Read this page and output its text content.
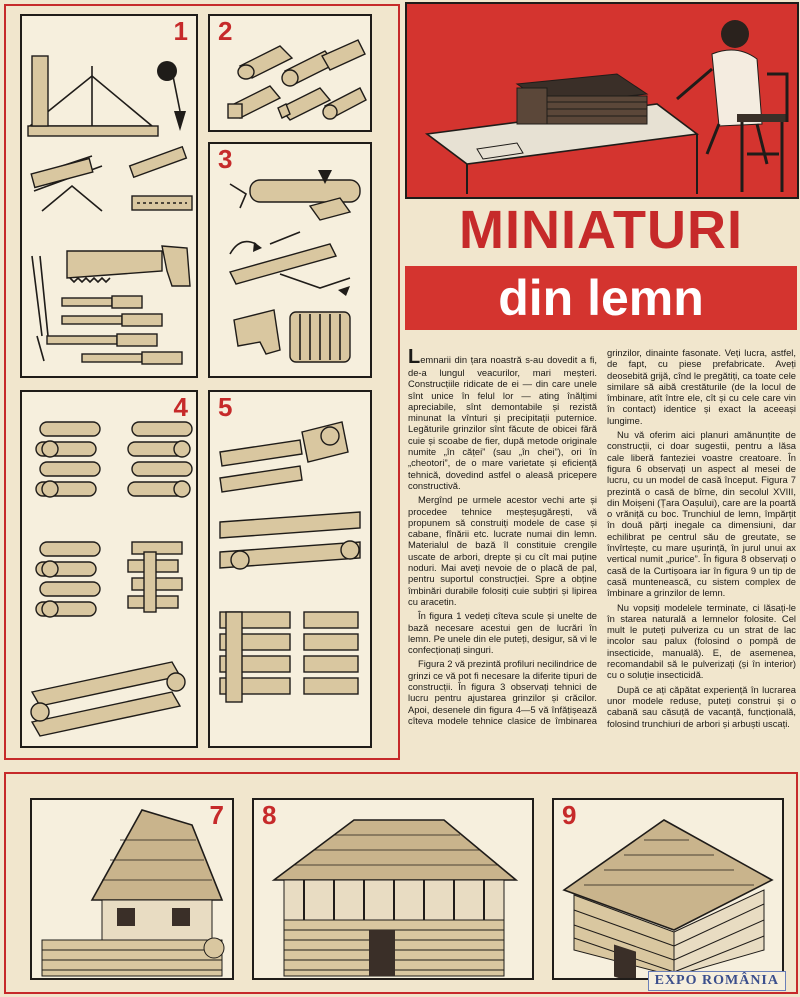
1 2
3
4 5
MINIATURI
din lemn

Lemnarii din țara noastră s-au dovedit a fi, de-a lungul veacurilor, mari meșteri. Construcțiile ridicate de ei — din care unele sînt unice în felul lor — ating înălțimi apreciabile, sînt demontabile și rezistă minunat la vînturi și precipitații puternice. Legăturile grinzilor sînt făcute de obicei fără cuie și scoabe de fier, după metode originale numite „în căței” (sau „în chei”), ori în „cheotori”, de o mare varietate și eficiență tehnică, dovedind astfel o aleasă pricepere constructivă.

Mergînd pe urmele acestor vechi arte și procedee tehnice meșteșugărești, vă propunem să construiți modele de case și cabane, fînării etc. lucrate numai din lemn. Materialul de bază îl constituie crengile uscate de arbori, drepte și cu cît mai puține noduri. Mai aveți nevoie de o placă de pal, pentru suportul construcției. Spre a obține îmbinări durabile folosiți cuie subțiri și lipirea cu aracetin.

În figura 1 vedeți cîteva scule și unelte de bază necesare acestui gen de lucrări în lemn. Pe unele din ele puteți, desigur, să vi le confecționați singuri.

Figura 2 vă prezintă profiluri necilindrice de grinzi ce vă pot fi necesare la diferite tipuri de construcții. În figura 3 observați tehnici de lucru pentru ajustarea grinzilor și crăcilor. Apoi, desenele din figura 4—5 vă înfățișează cîteva modele tehnice clasice de îmbinarea grinzilor, dinainte fasonate. Veți lucra, astfel, de fapt, cu piese prefabricate. Aveți deosebită grijă, cînd le pregătiți, ca toate cele similare să aibă crestăturile (de la locul de îmbinare, atît între ele, cît și cu cele care vin în contact) identice și exact la aceeași lungime.

Nu vă oferim aici planuri amănunțite de construcții, ci doar sugestii, pentru a lăsa cale liberă fanteziei voastre creatoare. În figura 6 observați un aspect al mesei de lucru, cu un model de casă început. Figura 7 prezintă o casă de bîrne, din secolul XVIII, din Moișeni (Țara Oașului), care are la poartă o vrăniță cu boc. Trunchiul de lemn, împărțit în două părți inegale ca dimensiuni, dar echilibrat pe centrul său de greutate, se învîrtește, cu mare ușurință, în jurul unui ax vertical numit „purice”. În figura 8 observați o casă de la Curtișoara iar în figura 9 un tip de casă muntenească, cu sistem complex de îmbinare a grinzilor de lemn.

Nu vopsiți modelele terminate, ci lăsați-le în starea naturală a lemnelor folosite. Cel mult le puteți pulveriza cu un strat de lac incolor sau palux (folosind o pompă de insecticide, manuală). E, de asemenea, recomandabil să le pulverizați (și în interior) cu o soluție insecticidă.

După ce ați căpătat experiență în lucrarea unor modele reduse, puteți construi și o cabană sau căsuță de vacanță, funcțională, folosind trunchiuri de arbori și arbuști uscați.

7 8	9
EXPO ROMÂNIA
